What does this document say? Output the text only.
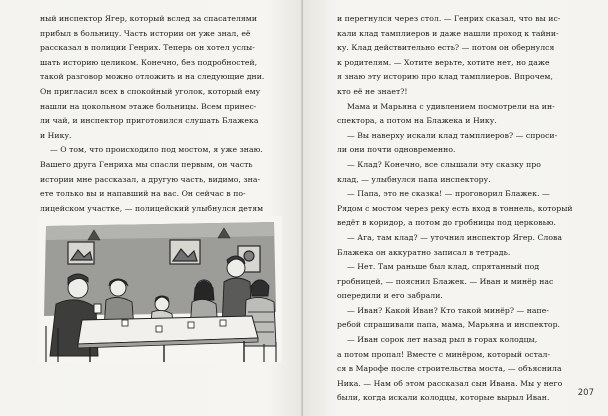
ный инспектор Ягер, который вслед за спасателями
прибыл в больницу. Часть истории он уже знал, её
рассказал в полиции Генрих. Теперь он хотел услы-
шать историю целиком. Конечно, без подробностей,
такой разговор можно отложить и на следующие дни.
Он пригласил всех в спокойный уголок, который ему
нашли на цокольном этаже больницы. Всем принес-
ли чай, и инспектор приготовился слушать Блажека
и Нику.
— О том, что происходило под мостом, я уже знаю.
Вашего друга Генриха мы спасли первым, он часть
истории мне рассказал, а другую часть, видимо, зна-
ете только вы и напавший на вас. Он сейчас в по-
лицейском участке, — полицейский улыбнулся детям
и перегнулся через стол. — Генрих сказал, что вы ис-
кали клад тамплиеров и даже нашли проход к тайни-
ку. Клад действительно есть? — потом он обернулся
к родителям. — Хотите верьте, хотите нет, но даже
я знаю эту историю про клад тамплиеров. Впрочем,
кто её не знает?!
Мама и Марьяна с удивлением посмотрели на ин-
спектора, а потом на Блажека и Нику.
— Вы наверху искали клад тамплиеров? — спроси-
ли они почти одновременно.
— Клад? Конечно, все слышали эту сказку про
клад, — улыбнулся папа инспектору.
— Папа, это не сказка! — проговорил Блажек. —
Рядом с мостом через реку есть вход в тоннель, который
ведёт в коридор, а потом до гробницы под церковью.
— Ага, там клад? — уточнил инспектор Ягер. Слова
Блажека он аккуратно записал в тетрадь.
— Нет. Там раньше был клад, спрятанный под
гробницей, — пояснил Блажек. — Иван и минёр нас
опередили и его забрали.
— Иван? Какой Иван? Кто такой минёр? — напе-
ребой спрашивали папа, мама, Марьяна и инспектор.
— Иван сорок лет назад рыл в горах колодцы,
а потом пропал! Вместе с минёром, который остал-
ся в Марофе после строительства моста, — объяснила
Ника. — Нам об этом рассказал сын Ивана. Мы у него
были, когда искали колодцы, которые вырыл Иван.	207
